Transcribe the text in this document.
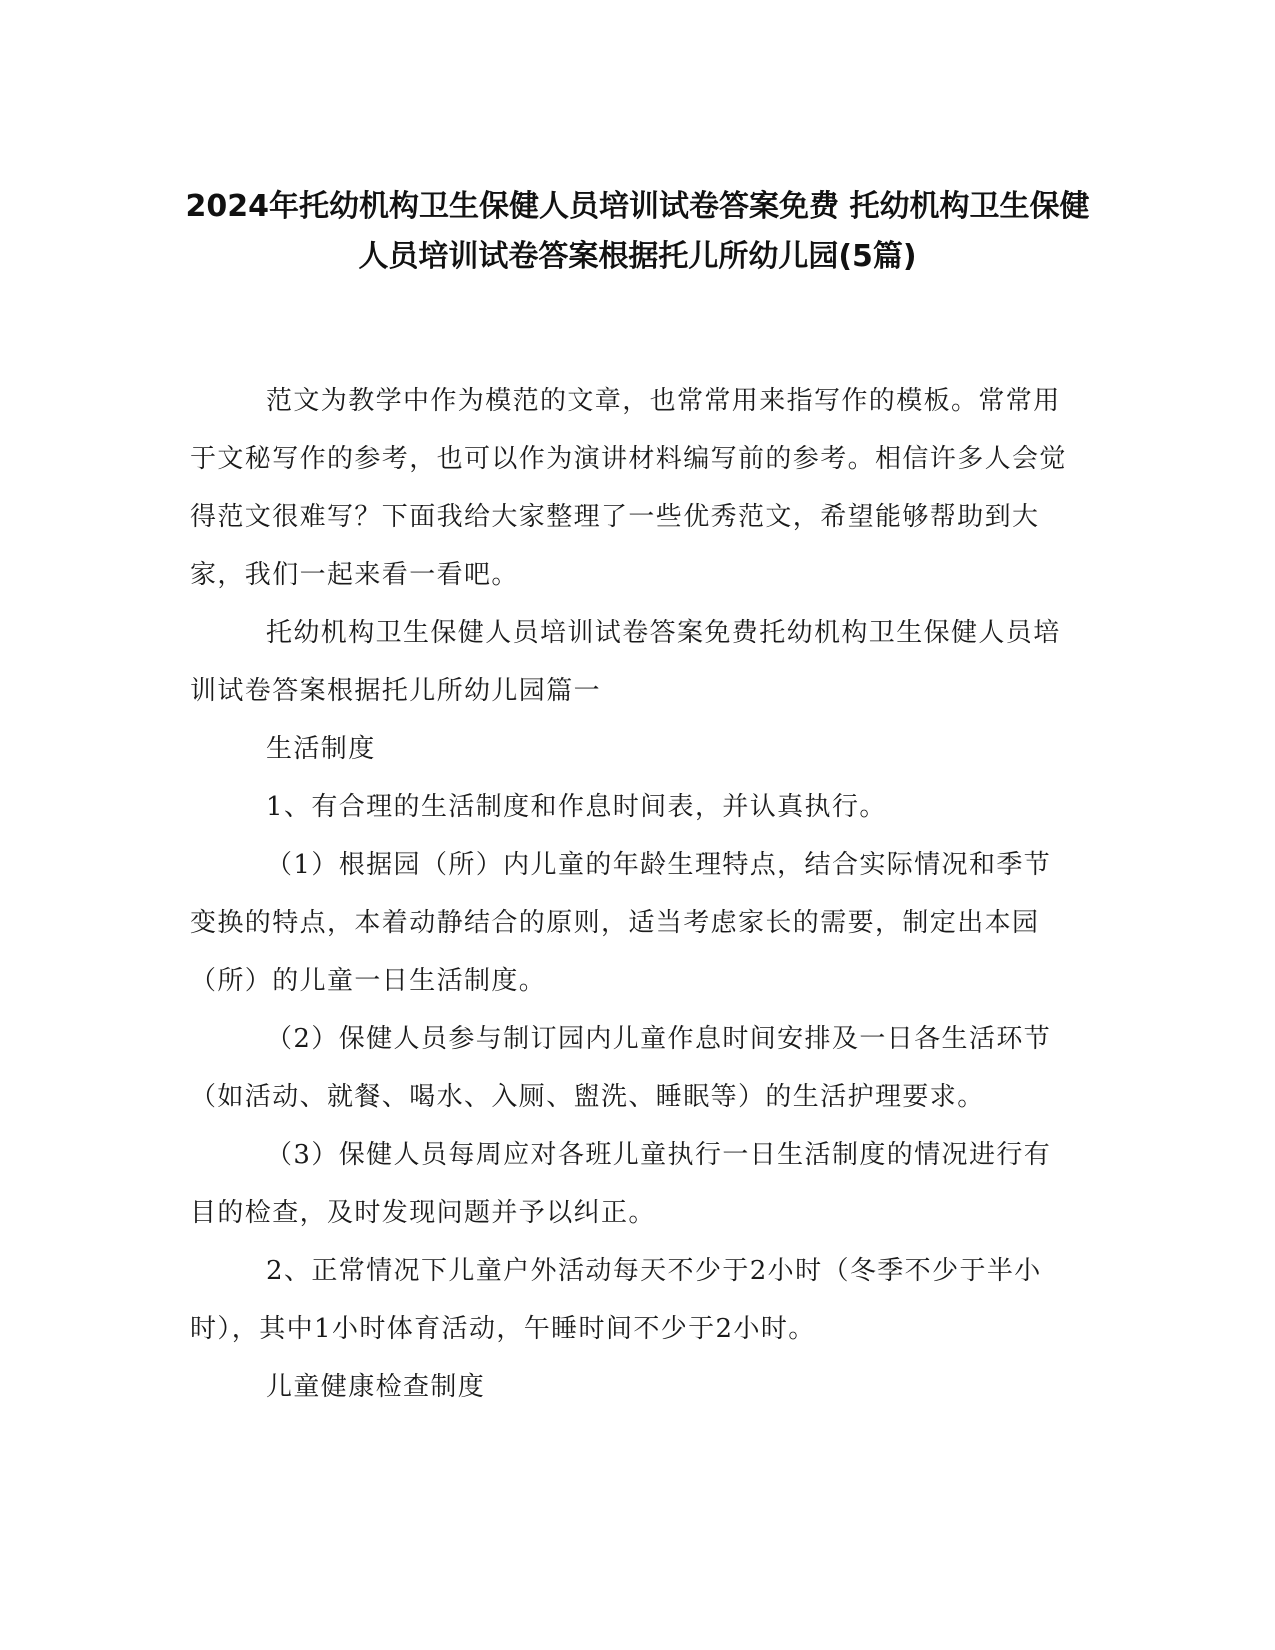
2024年托幼机构卫生保健人员培训试卷答案免费 托幼机构卫生保健人员培训试卷答案根据托儿所幼儿园(5篇)

范文为教学中作为模范的文章，也常常用来指写作的模板。常常用于文秘写作的参考，也可以作为演讲材料编写前的参考。相信许多人会觉得范文很难写？下面我给大家整理了一些优秀范文，希望能够帮助到大家，我们一起来看一看吧。

托幼机构卫生保健人员培训试卷答案免费托幼机构卫生保健人员培训试卷答案根据托儿所幼儿园篇一

生活制度

1、有合理的生活制度和作息时间表，并认真执行。

（1）根据园（所）内儿童的年龄生理特点，结合实际情况和季节变换的特点，本着动静结合的原则，适当考虑家长的需要，制定出本园（所）的儿童一日生活制度。

（2）保健人员参与制订园内儿童作息时间安排及一日各生活环节（如活动、就餐、喝水、入厕、盥洗、睡眠等）的生活护理要求。

（3）保健人员每周应对各班儿童执行一日生活制度的情况进行有目的检查，及时发现问题并予以纠正。

2、正常情况下儿童户外活动每天不少于2小时（冬季不少于半小时），其中1小时体育活动，午睡时间不少于2小时。

儿童健康检查制度
